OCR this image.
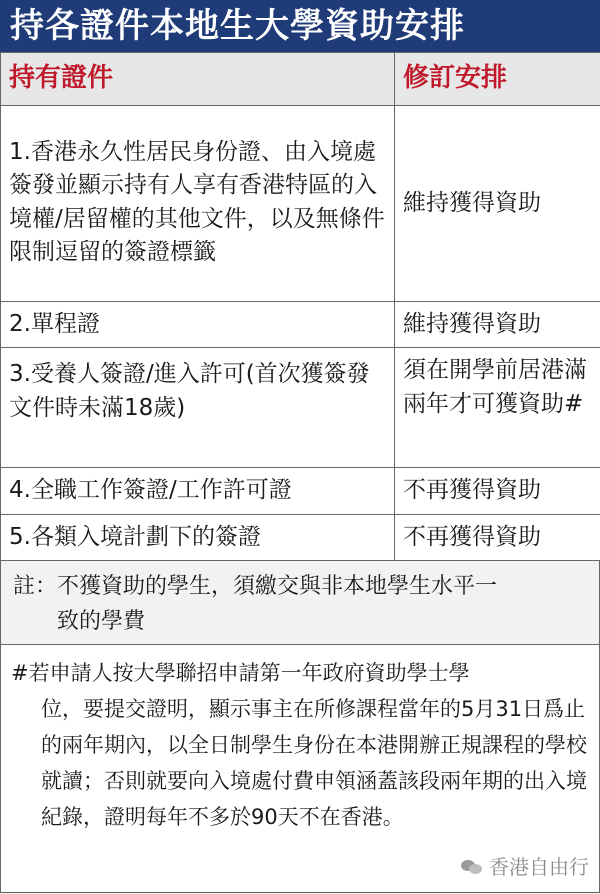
持各證件本地生大學資助安排
持有證件	修訂安排
1.香港永久性居民身份證、由入境處簽發並顯示持有人享有香港特區的入境權/居留權的其他文件，以及無條件限制逗留的簽證標籤	維持獲得資助
2.單程證	維持獲得資助
3.受養人簽證/進入許可(首次獲簽發文件時未滿18歲)	須在開學前居港滿兩年才可獲資助#
4.全職工作簽證/工作許可證	不再獲得資助
5.各類入境計劃下的簽證	不再獲得資助
註：不獲資助的學生，須繳交與非本地學生水平一
致的學費
#若申請人按大學聯招申請第一年政府資助學士學
位，要提交證明，顯示事主在所修課程當年的5月31日爲止的兩年期內，以全日制學生身份在本港開辦正規課程的學校就讀；否則就要向入境處付費申領涵蓋該段兩年期的出入境紀錄，證明每年不多於90天不在香港。
香港自由行
